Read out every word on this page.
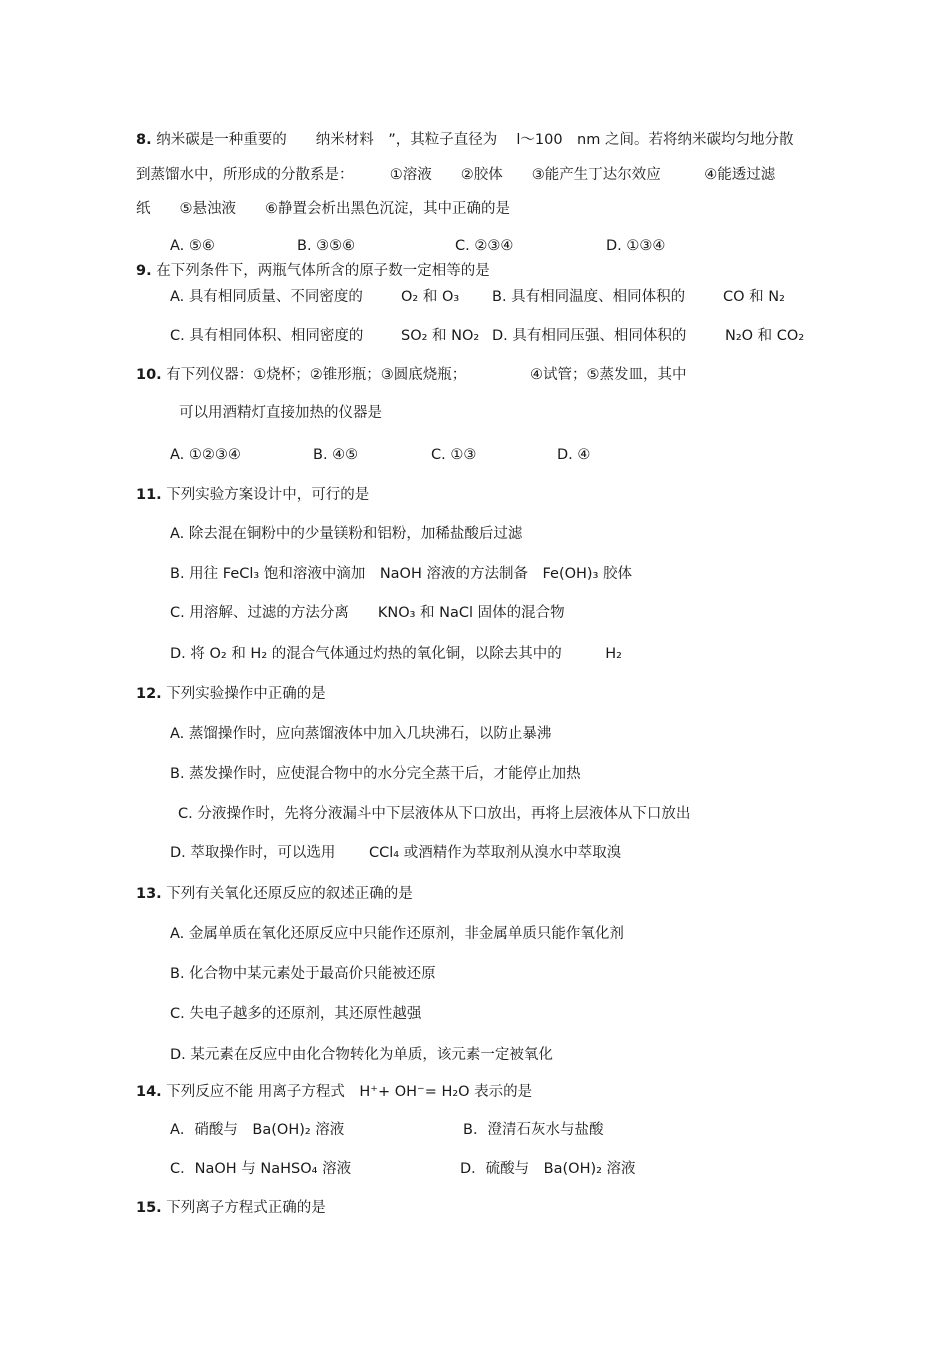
8. 纳米碳是一种重要的　　纳米材料　”，其粒子直径为　 l～100　nm 之间。若将纳米碳均匀地分散
到蒸馏水中，所形成的分散系是：　　　①溶液　　②胶体　　③能产生丁达尔效应　　　④能透过滤
纸　　⑤悬浊液　　⑥静置会析出黑色沉淀，其中正确的是
A. ⑤⑥	B. ③⑤⑥	C. ②③④	D. ①③④
9. 在下列条件下，两瓶气体所含的原子数一定相等的是
A. 具有相同质量、不同密度的	O₂ 和 O₃ B. 具有相同温度、相同体积的	CO 和 N₂
C. 具有相同体积、相同密度的	SO₂ 和 NO₂ D. 具有相同压强、相同体积的	N₂O 和 CO₂
10. 有下列仪器：①烧杯；②锥形瓶；③圆底烧瓶；	④试管；⑤蒸发皿，其中
可以用酒精灯直接加热的仪器是
A. ①②③④	B. ④⑤	C. ①③	D. ④
11. 下列实验方案设计中，可行的是
A. 除去混在铜粉中的少量镁粉和铝粉，加稀盐酸后过滤
B. 用往 FeCl₃ 饱和溶液中滴加　NaOH 溶液的方法制备　Fe(OH)₃ 胶体
C. 用溶解、过滤的方法分离　　KNO₃ 和 NaCl 固体的混合物
D. 将 O₂ 和 H₂ 的混合气体通过灼热的氧化铜，以除去其中的　　　H₂
12. 下列实验操作中正确的是
A. 蒸馏操作时，应向蒸馏液体中加入几块沸石，以防止暴沸
B. 蒸发操作时，应使混合物中的水分完全蒸干后，才能停止加热
C. 分液操作时，先将分液漏斗中下层液体从下口放出，再将上层液体从下口放出
D. 萃取操作时，可以选用　　 CCl₄ 或酒精作为萃取剂从溴水中萃取溴
13. 下列有关氧化还原反应的叙述正确的是
A. 金属单质在氧化还原反应中只能作还原剂，非金属单质只能作氧化剂
B. 化合物中某元素处于最高价只能被还原
C. 失电子越多的还原剂，其还原性越强
D. 某元素在反应中由化合物转化为单质，该元素一定被氧化
14. 下列反应不能 用离子方程式　H⁺+ OH⁻= H₂O 表示的是
A．硝酸与　Ba(OH)₂ 溶液	B．澄清石灰水与盐酸
C．NaOH 与 NaHSO₄ 溶液	D．硫酸与　Ba(OH)₂ 溶液
15. 下列离子方程式正确的是
